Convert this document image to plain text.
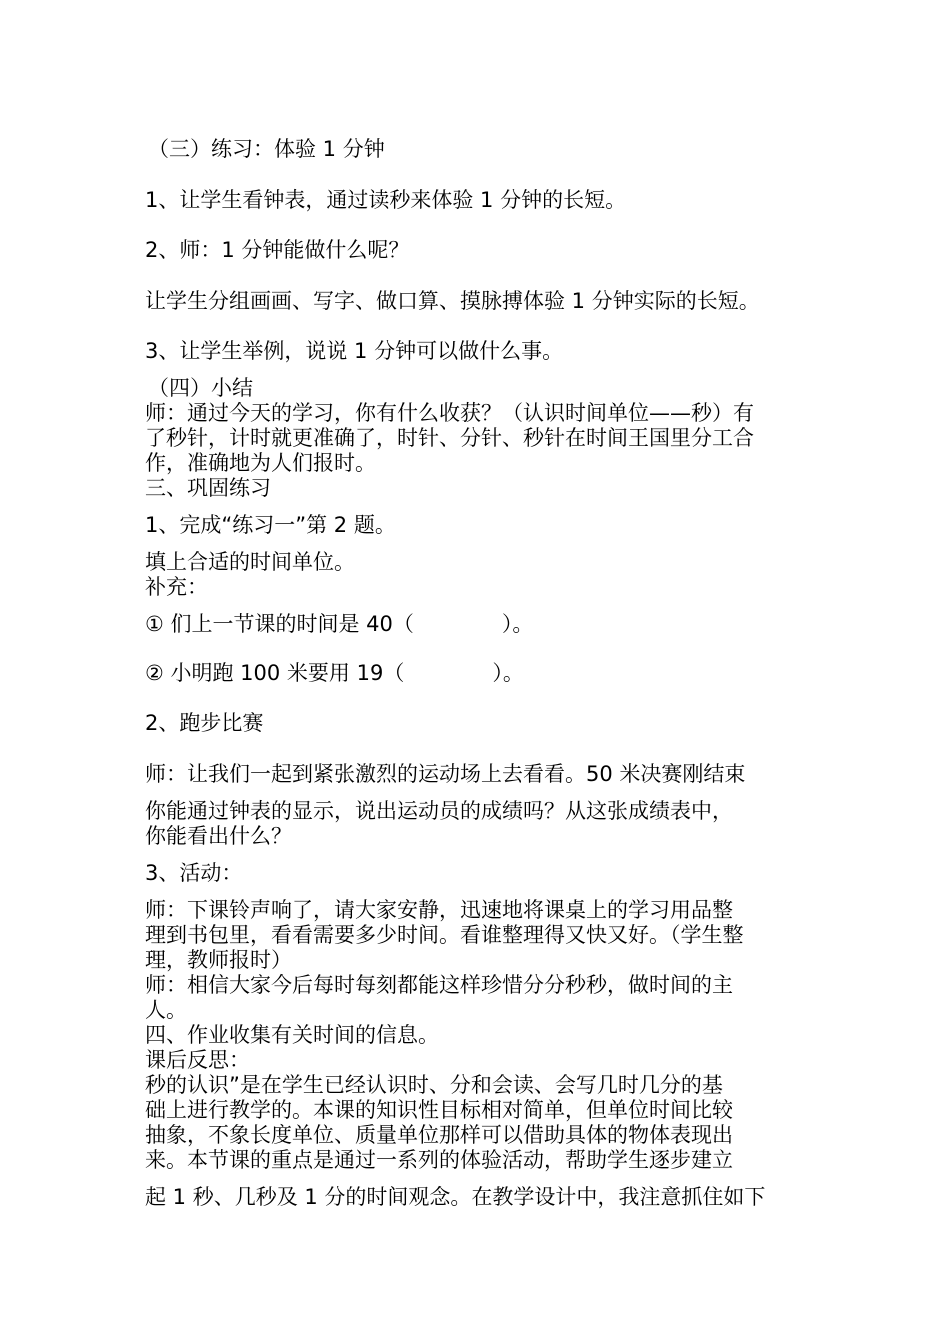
（三）练习：体验 1 分钟
1、让学生看钟表，通过读秒来体验 1 分钟的长短。
2、师：1 分钟能做什么呢？
让学生分组画画、写字、做口算、摸脉搏体验 1 分钟实际的长短。
3、让学生举例，说说 1 分钟可以做什么事。
（四）小结
师：通过今天的学习，你有什么收获？（认识时间单位——秒）有
了秒针，计时就更准确了，时针、分针、秒针在时间王国里分工合
作，准确地为人们报时。
三、巩固练习
1、完成“练习一”第 2 题。
填上合适的时间单位。
补充：
① 们上一节课的时间是 40（	）。
② 小明跑 100 米要用 19（	）。
2、跑步比赛
师：让我们一起到紧张激烈的运动场上去看看。50 米决赛刚结束
你能通过钟表的显示，说出运动员的成绩吗？从这张成绩表中，
你能看出什么？
3、活动：
师：下课铃声响了，请大家安静，迅速地将课桌上的学习用品整
理到书包里，看看需要多少时间。看谁整理得又快又好。（学生整
理，教师报时）
师：相信大家今后每时每刻都能这样珍惜分分秒秒，做时间的主
人。
四、作业收集有关时间的信息。
课后反思：
秒的认识”是在学生已经认识时、分和会读、会写几时几分的基
础上进行教学的。本课的知识性目标相对简单，但单位时间比较
抽象，不象长度单位、质量单位那样可以借助具体的物体表现出
来。本节课的重点是通过一系列的体验活动，帮助学生逐步建立
起 1 秒、几秒及 1 分的时间观念。在教学设计中，我注意抓住如下
